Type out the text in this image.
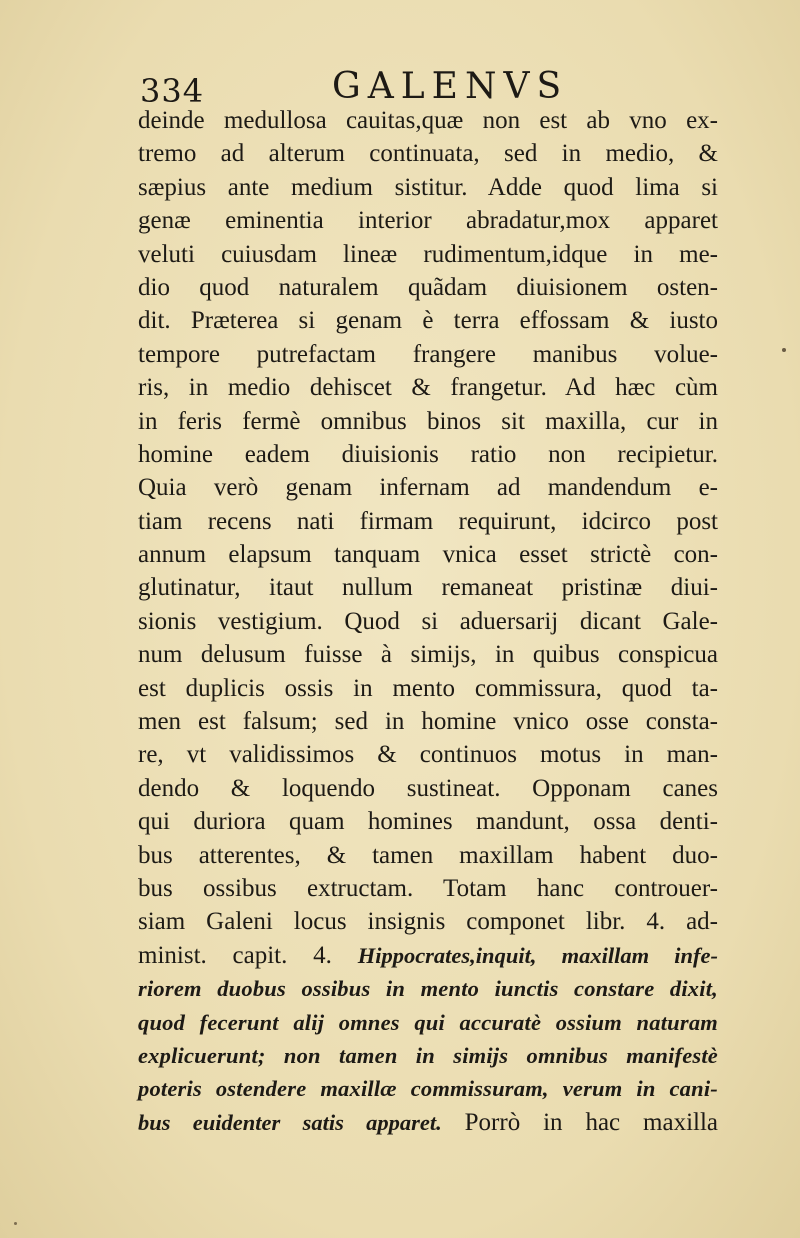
334	GALENVS
deinde medullosa cauitas,quæ non est ab vno ex-
tremo ad alterum continuata, sed in medio, &
sæpius ante medium sistitur. Adde quod lima si
genæ eminentia interior abradatur,mox apparet
veluti cuiusdam lineæ rudimentum,idque in me-
dio quod naturalem quãdam diuisionem osten-
dit. Præterea si genam è terra effossam & iusto
tempore putrefactam frangere manibus volue-
ris, in medio dehiscet & frangetur. Ad hæc cùm
in feris fermè omnibus binos sit maxilla, cur in
homine eadem diuisionis ratio non recipietur.
Quia verò genam infernam ad mandendum e-
tiam recens nati firmam requirunt, idcirco post
annum elapsum tanquam vnica esset strictè con-
glutinatur, itaut nullum remaneat pristinæ diui-
sionis vestigium. Quod si aduersarij dicant Gale-
num delusum fuisse à simijs, in quibus conspicua
est duplicis ossis in mento commissura, quod ta-
men est falsum; sed in homine vnico osse consta-
re, vt validissimos & continuos motus in man-
dendo & loquendo sustineat. Opponam canes
qui duriora quam homines mandunt, ossa denti-
bus atterentes, & tamen maxillam habent duo-
bus ossibus extructam. Totam hanc controuer-
siam Galeni locus insignis componet libr. 4. ad-
minist. capit. 4. Hippocrates,inquit, maxillam infe-
riorem duobus ossibus in mento iunctis constare dixit,
quod fecerunt alij omnes qui accuratè ossium naturam
explicuerunt; non tamen in simijs omnibus manifestè
poteris ostendere maxillæ commissuram, verum in cani-
bus euidenter satis apparet. Porrò in hac maxilla
